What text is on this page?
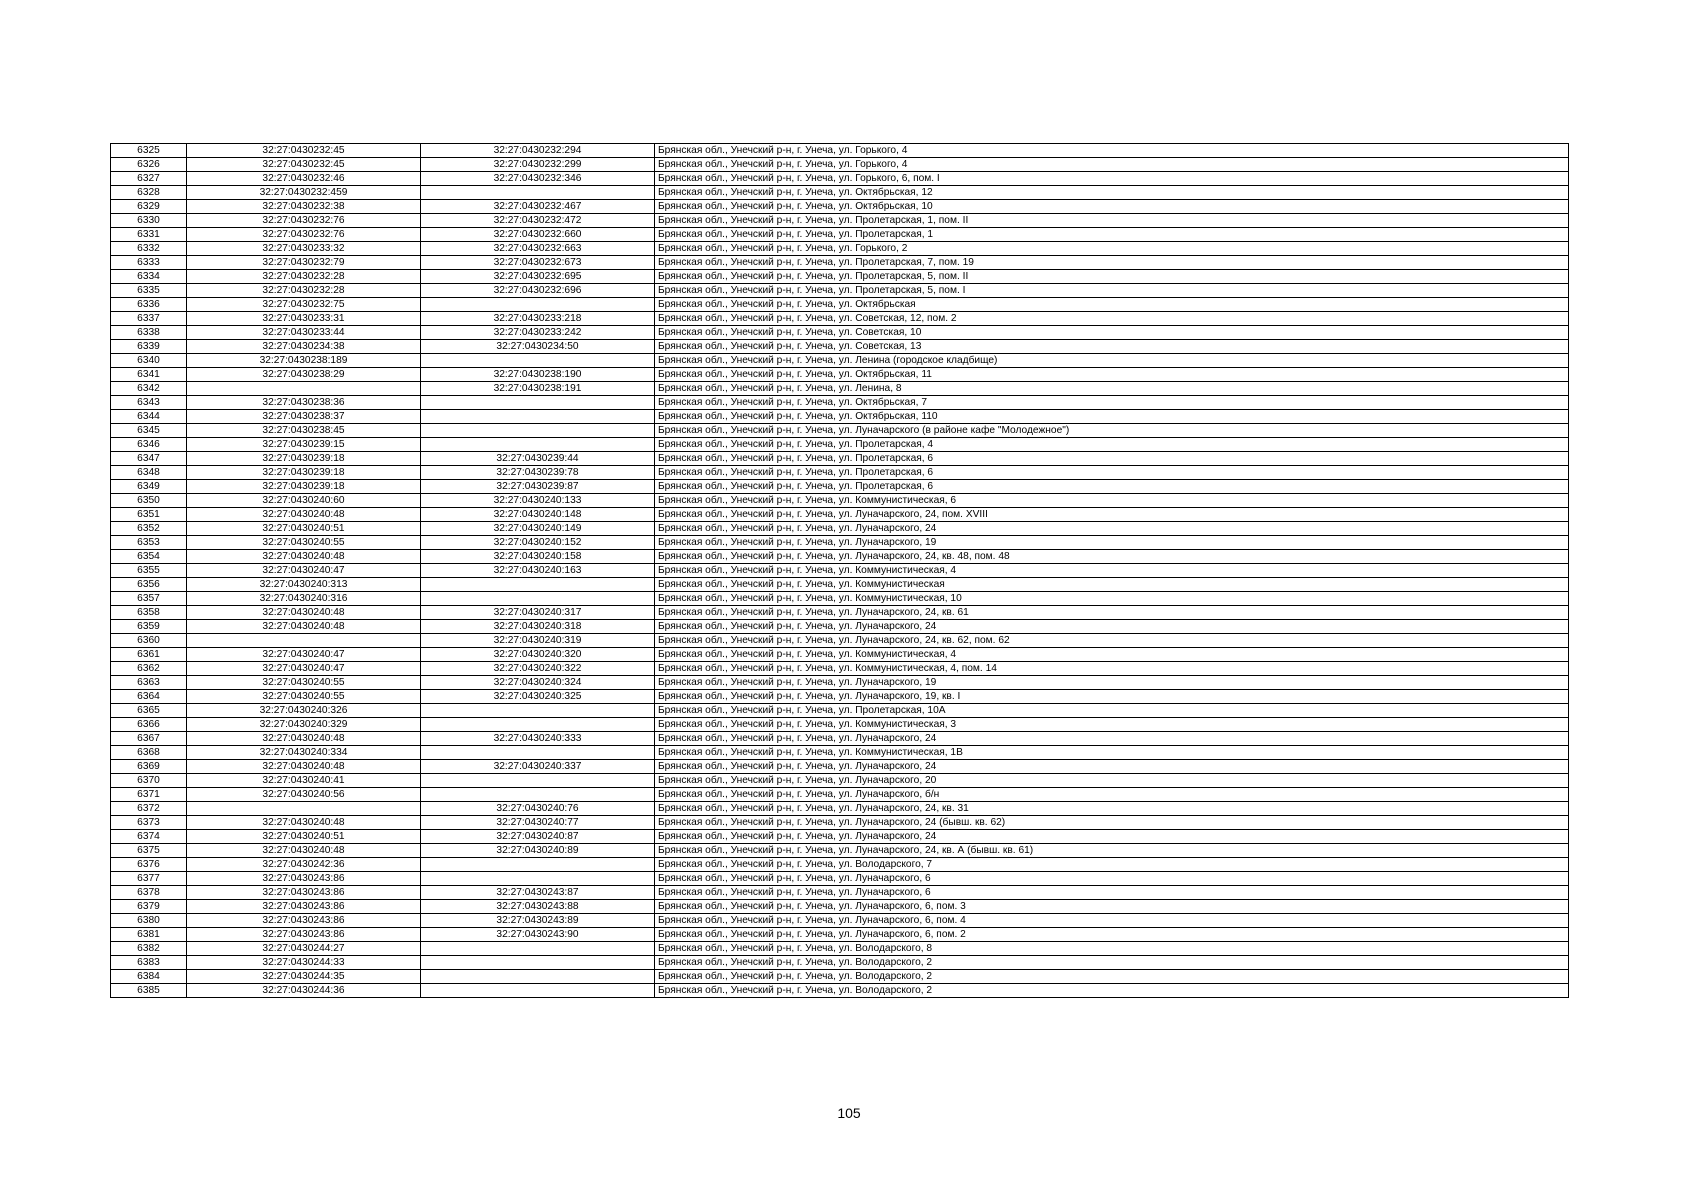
6325	32:27:0430232:45	32:27:0430232:294	Брянская обл., Унечский р-н, г. Унеча, ул. Горького, 4
6326	32:27:0430232:45	32:27:0430232:299	Брянская обл., Унечский р-н, г. Унеча, ул. Горького, 4
6327	32:27:0430232:46	32:27:0430232:346	Брянская обл., Унечский р-н, г. Унеча, ул. Горького, 6, пом. I
6328	32:27:0430232:459		Брянская обл., Унечский р-н, г. Унеча, ул. Октябрьская, 12
6329	32:27:0430232:38	32:27:0430232:467	Брянская обл., Унечский р-н, г. Унеча, ул. Октябрьская, 10
6330	32:27:0430232:76	32:27:0430232:472	Брянская обл., Унечский р-н, г. Унеча, ул. Пролетарская, 1, пом. II
6331	32:27:0430232:76	32:27:0430232:660	Брянская обл., Унечский р-н, г. Унеча, ул. Пролетарская, 1
6332	32:27:0430233:32	32:27:0430232:663	Брянская обл., Унечский р-н, г. Унеча, ул. Горького, 2
6333	32:27:0430232:79	32:27:0430232:673	Брянская обл., Унечский р-н, г. Унеча, ул. Пролетарская, 7, пом. 19
6334	32:27:0430232:28	32:27:0430232:695	Брянская обл., Унечский р-н, г. Унеча, ул. Пролетарская, 5, пом. II
6335	32:27:0430232:28	32:27:0430232:696	Брянская обл., Унечский р-н, г. Унеча, ул. Пролетарская, 5, пом. I
6336	32:27:0430232:75		Брянская обл., Унечский р-н, г. Унеча, ул. Октябрьская
6337	32:27:0430233:31	32:27:0430233:218	Брянская обл., Унечский р-н, г. Унеча, ул. Советская, 12, пом. 2
6338	32:27:0430233:44	32:27:0430233:242	Брянская обл., Унечский р-н, г. Унеча, ул. Советская, 10
6339	32:27:0430234:38	32:27:0430234:50	Брянская обл., Унечский р-н, г. Унеча, ул. Советская, 13
6340	32:27:0430238:189		Брянская обл., Унечский р-н, г. Унеча, ул. Ленина (городское кладбище)
6341	32:27:0430238:29	32:27:0430238:190	Брянская обл., Унечский р-н, г. Унеча, ул. Октябрьская, 11
6342		32:27:0430238:191	Брянская обл., Унечский р-н, г. Унеча, ул. Ленина, 8
6343	32:27:0430238:36		Брянская обл., Унечский р-н, г. Унеча, ул. Октябрьская, 7
6344	32:27:0430238:37		Брянская обл., Унечский р-н, г. Унеча, ул. Октябрьская, 110
6345	32:27:0430238:45		Брянская обл., Унечский р-н, г. Унеча, ул. Луначарского (в районе кафе "Молодежное")
6346	32:27:0430239:15		Брянская обл., Унечский р-н, г. Унеча, ул. Пролетарская, 4
6347	32:27:0430239:18	32:27:0430239:44	Брянская обл., Унечский р-н, г. Унеча, ул. Пролетарская, 6
6348	32:27:0430239:18	32:27:0430239:78	Брянская обл., Унечский р-н, г. Унеча, ул. Пролетарская, 6
6349	32:27:0430239:18	32:27:0430239:87	Брянская обл., Унечский р-н, г. Унеча, ул. Пролетарская, 6
6350	32:27:0430240:60	32:27:0430240:133	Брянская обл., Унечский р-н, г. Унеча, ул. Коммунистическая, 6
6351	32:27:0430240:48	32:27:0430240:148	Брянская обл., Унечский р-н, г. Унеча, ул. Луначарского, 24, пом. XVIII
6352	32:27:0430240:51	32:27:0430240:149	Брянская обл., Унечский р-н, г. Унеча, ул. Луначарского, 24
6353	32:27:0430240:55	32:27:0430240:152	Брянская обл., Унечский р-н, г. Унеча, ул. Луначарского, 19
6354	32:27:0430240:48	32:27:0430240:158	Брянская обл., Унечский р-н, г. Унеча, ул. Луначарского, 24, кв. 48, пом. 48
6355	32:27:0430240:47	32:27:0430240:163	Брянская обл., Унечский р-н, г. Унеча, ул. Коммунистическая, 4
6356	32:27:0430240:313		Брянская обл., Унечский р-н, г. Унеча, ул. Коммунистическая
6357	32:27:0430240:316		Брянская обл., Унечский р-н, г. Унеча, ул. Коммунистическая, 10
6358	32:27:0430240:48	32:27:0430240:317	Брянская обл., Унечский р-н, г. Унеча, ул. Луначарского, 24, кв. 61
6359	32:27:0430240:48	32:27:0430240:318	Брянская обл., Унечский р-н, г. Унеча, ул. Луначарского, 24
6360		32:27:0430240:319	Брянская обл., Унечский р-н, г. Унеча, ул. Луначарского, 24, кв. 62, пом. 62
6361	32:27:0430240:47	32:27:0430240:320	Брянская обл., Унечский р-н, г. Унеча, ул. Коммунистическая, 4
6362	32:27:0430240:47	32:27:0430240:322	Брянская обл., Унечский р-н, г. Унеча, ул. Коммунистическая, 4, пом. 14
6363	32:27:0430240:55	32:27:0430240:324	Брянская обл., Унечский р-н, г. Унеча, ул. Луначарского, 19
6364	32:27:0430240:55	32:27:0430240:325	Брянская обл., Унечский р-н, г. Унеча, ул. Луначарского, 19, кв. I
6365	32:27:0430240:326		Брянская обл., Унечский р-н, г. Унеча, ул. Пролетарская, 10А
6366	32:27:0430240:329		Брянская обл., Унечский р-н, г. Унеча, ул. Коммунистическая, 3
6367	32:27:0430240:48	32:27:0430240:333	Брянская обл., Унечский р-н, г. Унеча, ул. Луначарского, 24
6368	32:27:0430240:334		Брянская обл., Унечский р-н, г. Унеча, ул. Коммунистическая, 1В
6369	32:27:0430240:48	32:27:0430240:337	Брянская обл., Унечский р-н, г. Унеча, ул. Луначарского, 24
6370	32:27:0430240:41		Брянская обл., Унечский р-н, г. Унеча, ул. Луначарского, 20
6371	32:27:0430240:56		Брянская обл., Унечский р-н, г. Унеча, ул. Луначарского, б/н
6372		32:27:0430240:76	Брянская обл., Унечский р-н, г. Унеча, ул. Луначарского, 24, кв. 31
6373	32:27:0430240:48	32:27:0430240:77	Брянская обл., Унечский р-н, г. Унеча, ул. Луначарского, 24 (бывш. кв. 62)
6374	32:27:0430240:51	32:27:0430240:87	Брянская обл., Унечский р-н, г. Унеча, ул. Луначарского, 24
6375	32:27:0430240:48	32:27:0430240:89	Брянская обл., Унечский р-н, г. Унеча, ул. Луначарского, 24, кв. А (бывш. кв. 61)
6376	32:27:0430242:36		Брянская обл., Унечский р-н, г. Унеча, ул. Володарского, 7
6377	32:27:0430243:86		Брянская обл., Унечский р-н, г. Унеча, ул. Луначарского, 6
6378	32:27:0430243:86	32:27:0430243:87	Брянская обл., Унечский р-н, г. Унеча, ул. Луначарского, 6
6379	32:27:0430243:86	32:27:0430243:88	Брянская обл., Унечский р-н, г. Унеча, ул. Луначарского, 6, пом. 3
6380	32:27:0430243:86	32:27:0430243:89	Брянская обл., Унечский р-н, г. Унеча, ул. Луначарского, 6, пом. 4
6381	32:27:0430243:86	32:27:0430243:90	Брянская обл., Унечский р-н, г. Унеча, ул. Луначарского, 6, пом. 2
6382	32:27:0430244:27		Брянская обл., Унечский р-н, г. Унеча, ул. Володарского, 8
6383	32:27:0430244:33		Брянская обл., Унечский р-н, г. Унеча, ул. Володарского, 2
6384	32:27:0430244:35		Брянская обл., Унечский р-н, г. Унеча, ул. Володарского, 2
6385	32:27:0430244:36		Брянская обл., Унечский р-н, г. Унеча, ул. Володарского, 2
105
